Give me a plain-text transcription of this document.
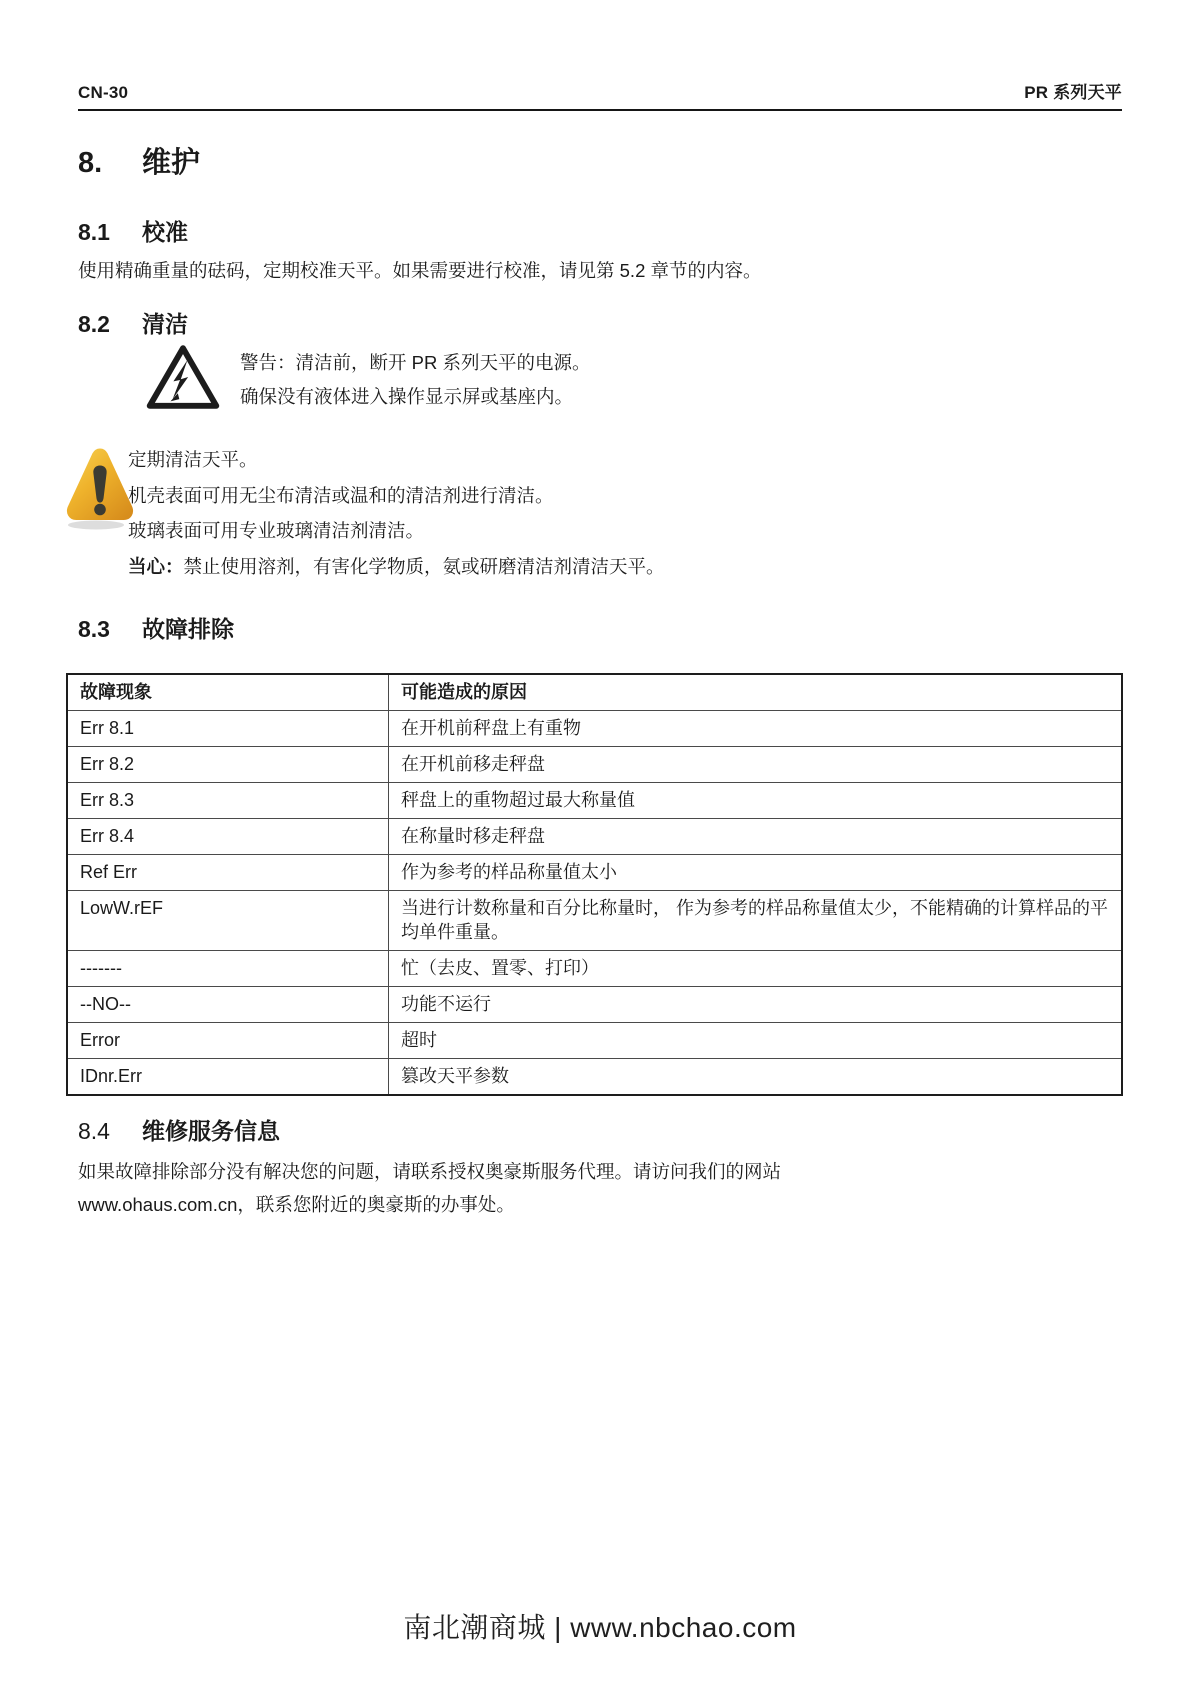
CN-30	PR 系列天平
8.	维护
8.1	校准
使用精确重量的砝码，定期校准天平。如果需要进行校准，请见第 5.2 章节的内容。
8.2	清洁
警告：清洁前，断开 PR 系列天平的电源。
确保没有液体进入操作显示屏或基座内。
定期清洁天平。
机壳表面可用无尘布清洁或温和的清洁剂进行清洁。
玻璃表面可用专业玻璃清洁剂清洁。
当心：禁止使用溶剂，有害化学物质，氨或研磨清洁剂清洁天平。
8.3	故障排除
故障现象	可能造成的原因
Err 8.1	在开机前秤盘上有重物
Err 8.2	在开机前移走秤盘
Err 8.3	秤盘上的重物超过最大称量值
Err 8.4	在称量时移走秤盘
Ref Err	作为参考的样品称量值太小
LowW.rEF	当进行计数称量和百分比称量时， 作为参考的样品称量值太少，不能精确的计算样品的平均单件重量。
-------	忙（去皮、置零、打印）
--NO--	功能不运行
Error	超时
IDnr.Err	篡改天平参数
8.4	维修服务信息
如果故障排除部分没有解决您的问题，请联系授权奥豪斯服务代理。请访问我们的网站
www.ohaus.com.cn，联系您附近的奥豪斯的办事处。
南北潮商城 | www.nbchao.com
